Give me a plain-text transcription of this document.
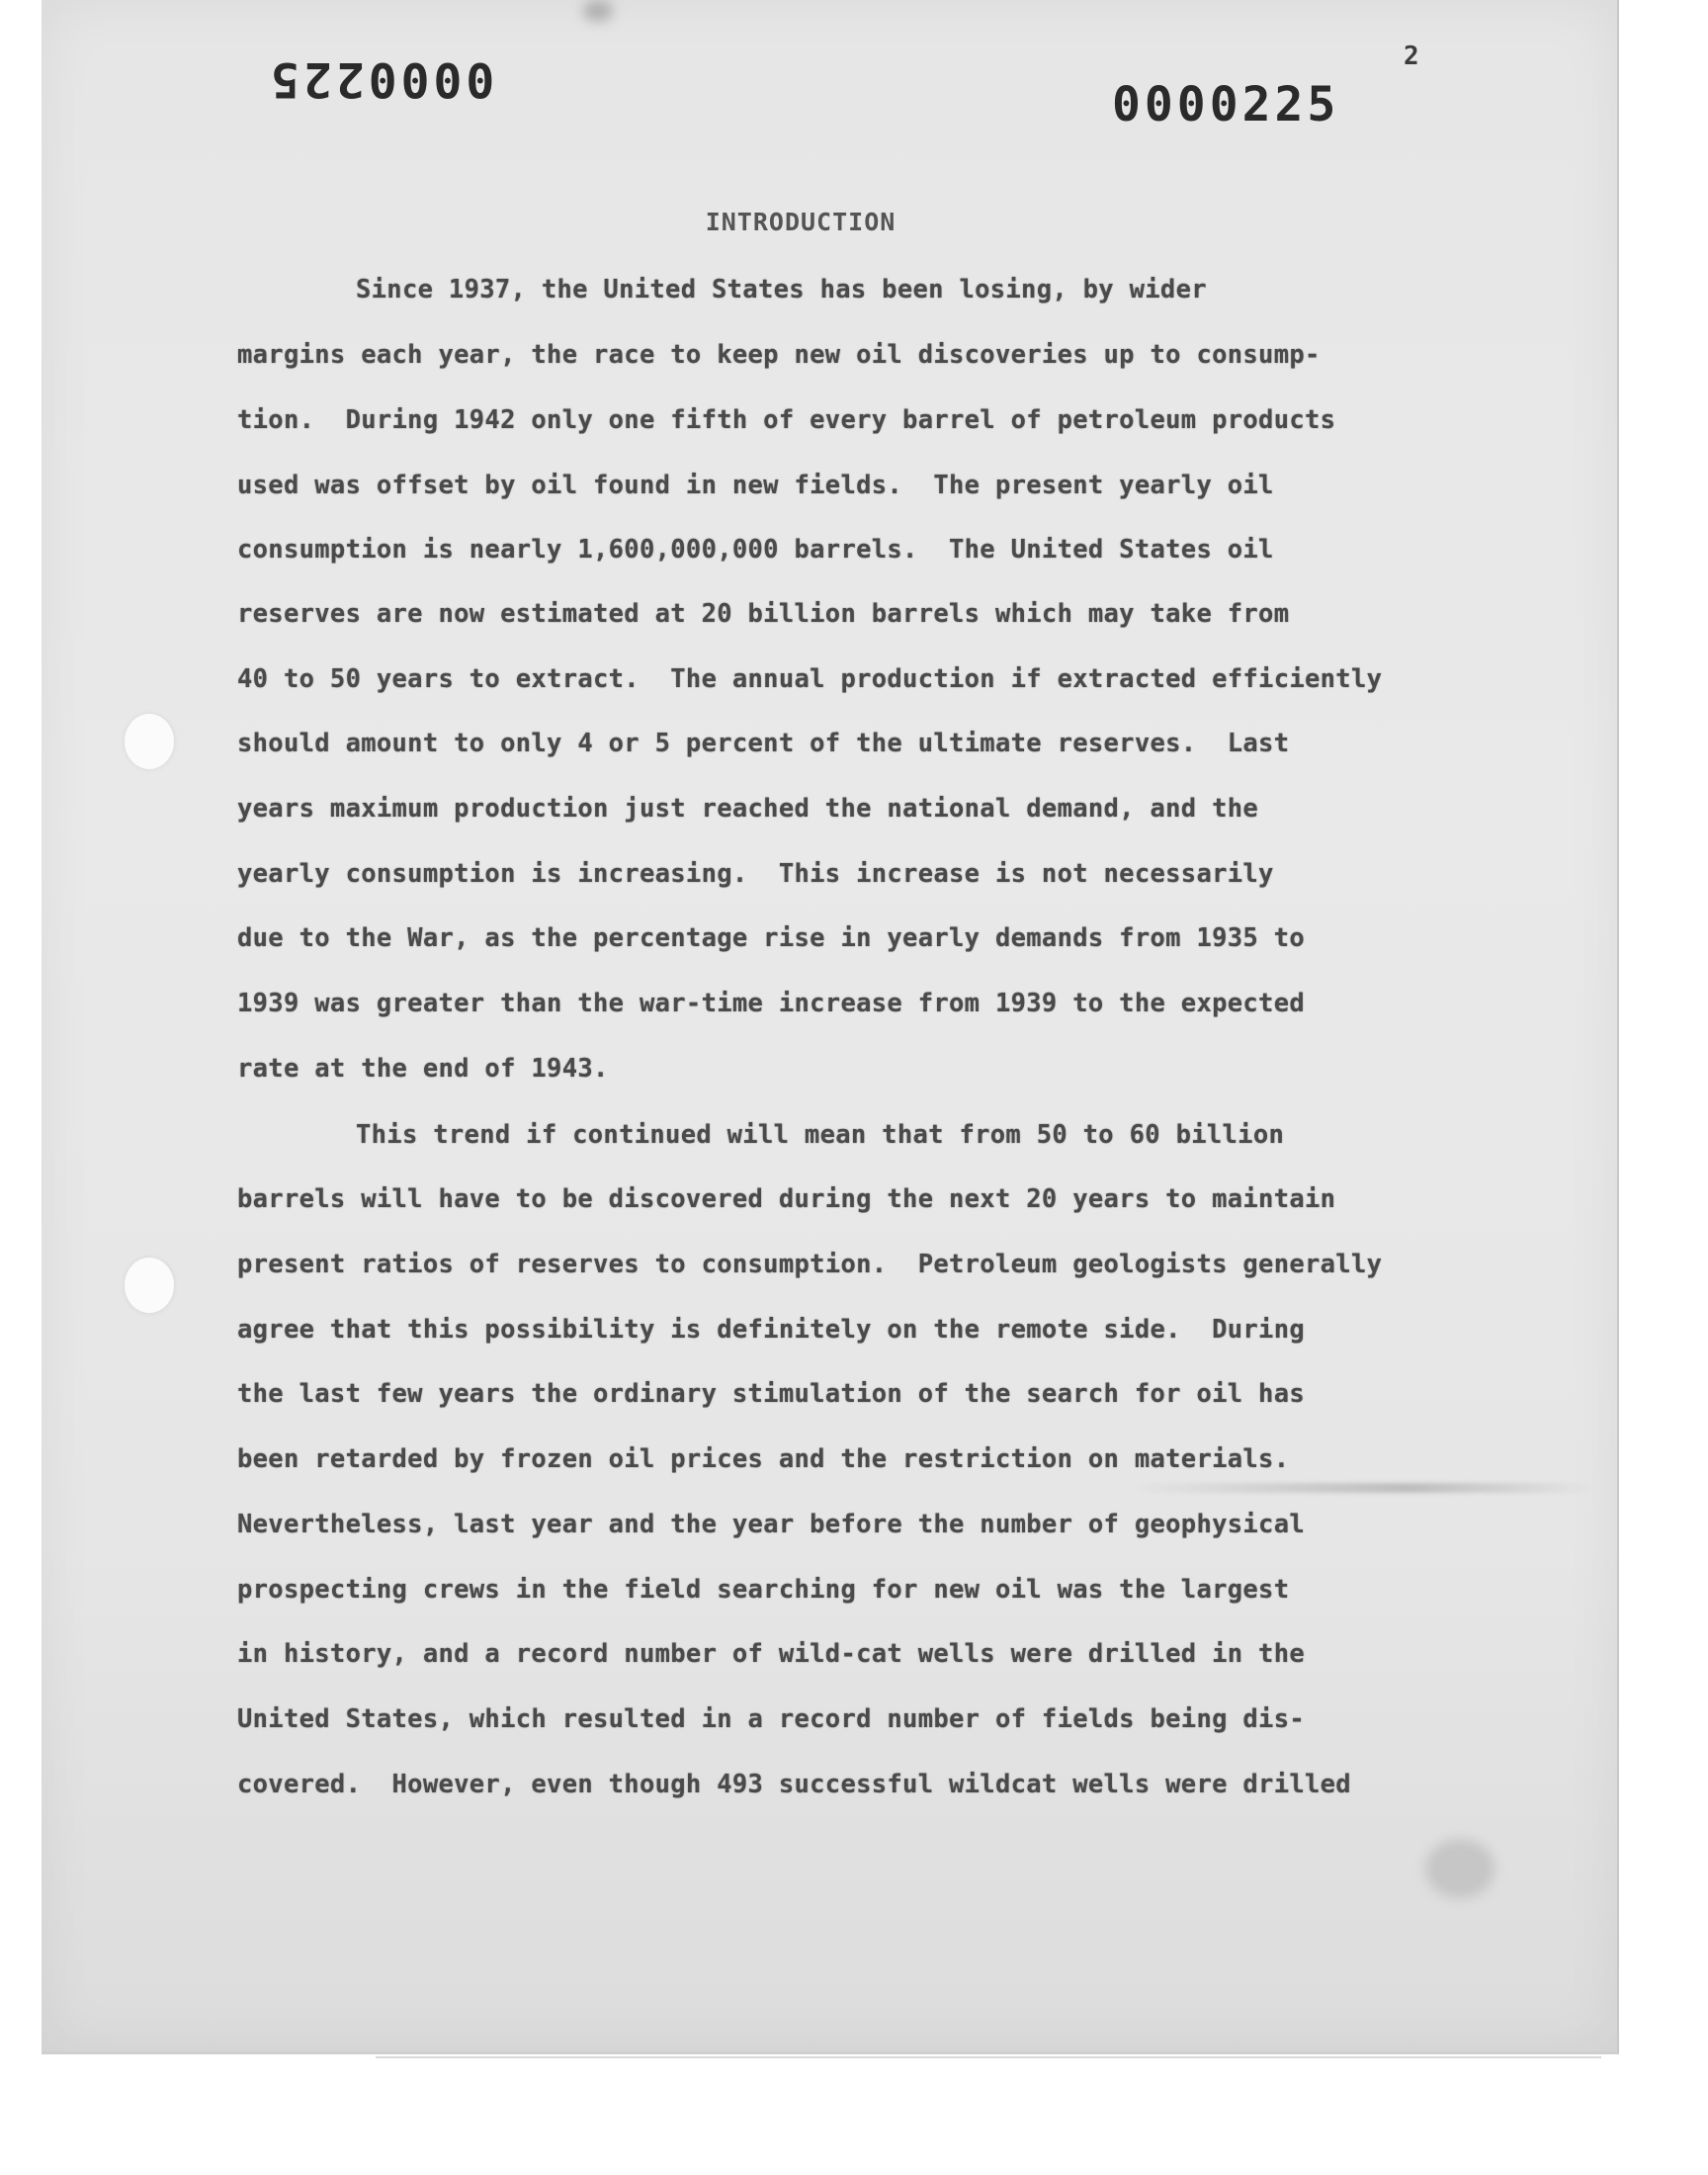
0000225	0000225
2
INTRODUCTION
Since 1937, the United States has been losing, by wider
margins each year, the race to keep new oil discoveries up to consump-
tion.  During 1942 only one fifth of every barrel of petroleum products
used was offset by oil found in new fields.  The present yearly oil
consumption is nearly 1,600,000,000 barrels.  The United States oil
reserves are now estimated at 20 billion barrels which may take from
40 to 50 years to extract.  The annual production if extracted efficiently
should amount to only 4 or 5 percent of the ultimate reserves.  Last
years maximum production just reached the national demand, and the
yearly consumption is increasing.  This increase is not necessarily
due to the War, as the percentage rise in yearly demands from 1935 to
1939 was greater than the war-time increase from 1939 to the expected
rate at the end of 1943.
This trend if continued will mean that from 50 to 60 billion
barrels will have to be discovered during the next 20 years to maintain
present ratios of reserves to consumption.  Petroleum geologists generally
agree that this possibility is definitely on the remote side.  During
the last few years the ordinary stimulation of the search for oil has
been retarded by frozen oil prices and the restriction on materials.
Nevertheless, last year and the year before the number of geophysical
prospecting crews in the field searching for new oil was the largest
in history, and a record number of wild-cat wells were drilled in the
United States, which resulted in a record number of fields being dis-
covered.  However, even though 493 successful wildcat wells were drilled
